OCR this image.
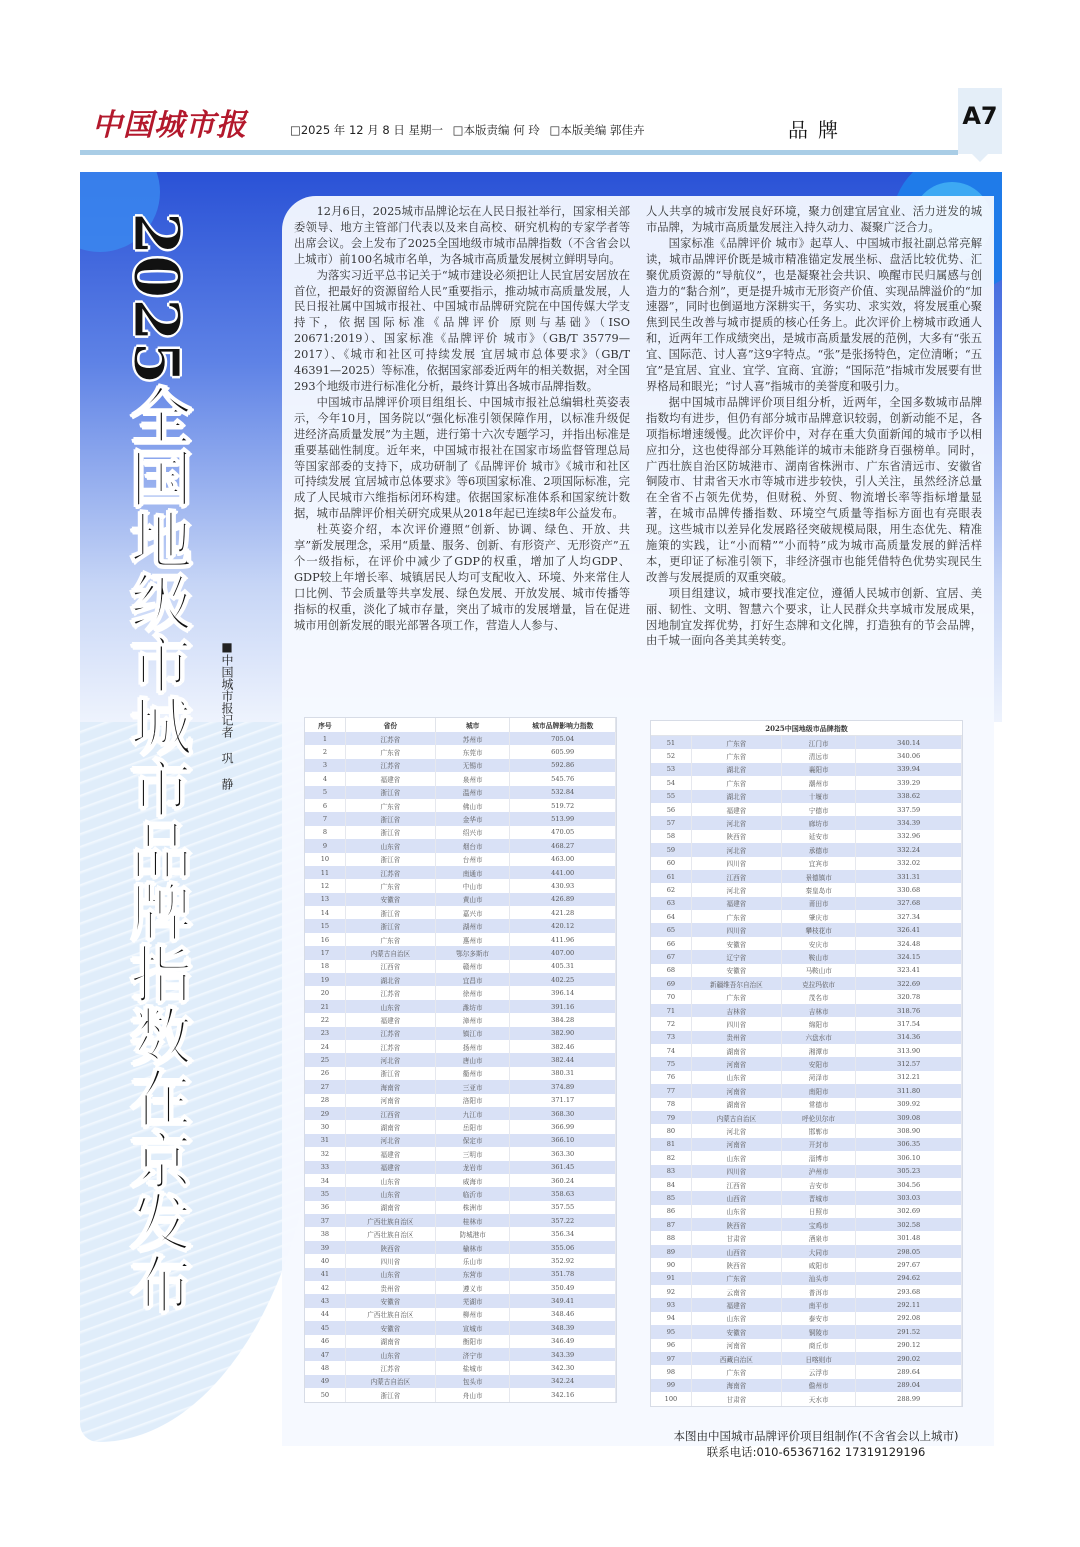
中国城市报	□2025 年 12 月 8 日 星期一 □本版责编 何 玲 □本版美编 郭佳卉	品牌	A7
2025全国地级市城市品牌指数在京发布	■中国城市报记者 巩 静

12月6日，2025城市品牌论坛在人民日报社举行，国家相关部委领导、地方主管部门代表以及来自高校、研究机构的专家学者等出席会议。会上发布了2025全国地级市城市品牌指数（不含省会以上城市）前100名城市名单，为各城市高质量发展树立鲜明导向。

为落实习近平总书记关于“城市建设必须把让人民宜居安居放在首位，把最好的资源留给人民”重要指示，推动城市高质量发展，人民日报社属中国城市报社、中国城市品牌研究院在中国传媒大学支持下，依据国际标准《品牌评价 原则与基础》（ISO 20671:2019）、国家标准《品牌评价 城市》（GB/T 35779—2017）、《城市和社区可持续发展 宜居城市总体要求》（GB/T 46391—2025）等标准，依据国家部委近两年的相关数据，对全国293个地级市进行标准化分析，最终计算出各城市品牌指数。

中国城市品牌评价项目组组长、中国城市报社总编辑杜英姿表示，今年10月，国务院以“强化标准引领保障作用，以标准升级促进经济高质量发展”为主题，进行第十六次专题学习，并指出标准是重要基础性制度。近年来，中国城市报社在国家市场监督管理总局等国家部委的支持下，成功研制了《品牌评价 城市》《城市和社区可持续发展 宜居城市总体要求》等6项国家标准、2项国际标准，完成了人民城市六维指标闭环构建。依据国家标准体系和国家统计数据，城市品牌评价相关研究成果从2018年起已连续8年公益发布。

杜英姿介绍，本次评价遵照“创新、协调、绿色、开放、共享”新发展理念，采用“质量、服务、创新、有形资产、无形资产”五个一级指标，在评价中减少了GDP的权重，增加了人均GDP、GDP较上年增长率、城镇居民人均可支配收入、环境、外来常住人口比例、节会质量等共享发展、绿色发展、开放发展、城市传播等指标的权重，淡化了城市存量，突出了城市的发展增量，旨在促进城市用创新发展的眼光部署各项工作，营造人人参与、

人人共享的城市发展良好环境，聚力创建宜居宜业、活力迸发的城市品牌，为城市高质量发展注入持久动力、凝聚广泛合力。

国家标准《品牌评价 城市》起草人、中国城市报社副总常亮解读，城市品牌评价既是城市精准锚定发展坐标、盘活比较优势、汇聚优质资源的“导航仪”，也是凝聚社会共识、唤醒市民归属感与创造力的“黏合剂”，更是提升城市无形资产价值、实现品牌溢价的“加速器”，同时也倒逼地方深耕实干，务实功、求实效，将发展重心聚焦到民生改善与城市提质的核心任务上。此次评价上榜城市政通人和，近两年工作成绩突出，是城市高质量发展的范例，大多有“张五宜、国际范、讨人喜”这9字特点。“张”是张扬特色，定位清晰；“五宜”是宜居、宜业、宜学、宜商、宜游；“国际范”指城市发展要有世界格局和眼光；“讨人喜”指城市的美誉度和吸引力。

据中国城市品牌评价项目组分析，近两年，全国多数城市品牌指数均有进步，但仍有部分城市品牌意识较弱，创新动能不足，各项指标增速缓慢。此次评价中，对存在重大负面新闻的城市予以相应扣分，这也使得部分耳熟能详的城市未能跻身百强榜单。同时，广西壮族自治区防城港市、湖南省株洲市、广东省清远市、安徽省铜陵市、甘肃省天水市等城市进步较快，引人关注，虽然经济总量在全省不占领先优势，但财税、外贸、物流增长率等指标增量显著，在城市品牌传播指数、环境空气质量等指标方面也有亮眼表现。这些城市以差异化发展路径突破规模局限，用生态优先、精准施策的实践，让“小而精”“小而特”成为城市高质量发展的鲜活样本，更印证了标准引领下，非经济强市也能凭借特色优势实现民生改善与发展提质的双重突破。

项目组建议，城市要找准定位，遵循人民城市创新、宜居、美丽、韧性、文明、智慧六个要求，让人民群众共享城市发展成果，因地制宜发挥优势，打好生态牌和文化牌，打造独有的节会品牌，由千城一面向各美其美转变。

序号	省份	城市	城市品牌影响力指数
1	江苏省	苏州市	705.04
2	广东省	东莞市	605.99
3	江苏省	无锡市	592.86
4	福建省	泉州市	545.76
5	浙江省	温州市	532.84
6	广东省	佛山市	519.72
7	浙江省	金华市	513.99
8	浙江省	绍兴市	470.05
9	山东省	烟台市	468.27
10	浙江省	台州市	463.00
11	江苏省	南通市	441.00
12	广东省	中山市	430.93
13	安徽省	黄山市	426.89
14	浙江省	嘉兴市	421.28
15	浙江省	湖州市	420.12
16	广东省	惠州市	411.96
17	内蒙古自治区	鄂尔多斯市	407.00
18	江西省	赣州市	405.31
19	湖北省	宜昌市	402.25
20	江苏省	徐州市	396.14
21	山东省	潍坊市	391.16
22	福建省	漳州市	384.28
23	江苏省	镇江市	382.90
24	江苏省	扬州市	382.46
25	河北省	唐山市	382.44
26	浙江省	衢州市	380.31
27	海南省	三亚市	374.89
28	河南省	洛阳市	371.17
29	江西省	九江市	368.30
30	湖南省	岳阳市	366.99
31	河北省	保定市	366.10
32	福建省	三明市	363.30
33	福建省	龙岩市	361.45
34	山东省	威海市	360.24
35	山东省	临沂市	358.63
36	湖南省	株洲市	357.55
37	广西壮族自治区	桂林市	357.22
38	广西壮族自治区	防城港市	356.34
39	陕西省	榆林市	355.06
40	四川省	乐山市	352.92
41	山东省	东营市	351.78
42	贵州省	遵义市	350.49
43	安徽省	芜湖市	349.41
44	广西壮族自治区	柳州市	348.46
45	安徽省	宣城市	348.39
46	湖南省	衡阳市	346.49
47	山东省	济宁市	343.39
48	江苏省	盐城市	342.30
49	内蒙古自治区	包头市	342.24
50	浙江省	舟山市	342.16
2025中国地级市品牌指数
51	广东省	江门市	340.14
52	广东省	清远市	340.06
53	湖北省	襄阳市	339.94
54	广东省	潮州市	339.29
55	湖北省	十堰市	338.62
56	福建省	宁德市	337.59
57	河北省	廊坊市	334.39
58	陕西省	延安市	332.96
59	河北省	承德市	332.24
60	四川省	宜宾市	332.02
61	江西省	景德镇市	331.31
62	河北省	秦皇岛市	330.68
63	福建省	莆田市	327.68
64	广东省	肇庆市	327.34
65	四川省	攀枝花市	326.41
66	安徽省	安庆市	324.48
67	辽宁省	鞍山市	324.15
68	安徽省	马鞍山市	323.41
69	新疆维吾尔自治区	克拉玛依市	322.69
70	广东省	茂名市	320.78
71	吉林省	吉林市	318.76
72	四川省	绵阳市	317.54
73	贵州省	六盘水市	314.36
74	湖南省	湘潭市	313.90
75	河南省	安阳市	312.57
76	山东省	菏泽市	312.21
77	河南省	南阳市	311.80
78	湖南省	常德市	309.92
79	内蒙古自治区	呼伦贝尔市	309.08
80	河北省	邯郸市	308.90
81	河南省	开封市	306.35
82	山东省	淄博市	306.10
83	四川省	泸州市	305.23
84	江西省	吉安市	304.56
85	山西省	晋城市	303.03
86	山东省	日照市	302.69
87	陕西省	宝鸡市	302.58
88	甘肃省	酒泉市	301.48
89	山西省	大同市	298.05
90	陕西省	咸阳市	297.67
91	广东省	汕头市	294.62
92	云南省	普洱市	293.68
93	福建省	南平市	292.11
94	山东省	泰安市	292.08
95	安徽省	铜陵市	291.52
96	河南省	商丘市	290.12
97	西藏自治区	日喀则市	290.02
98	广东省	云浮市	289.64
99	海南省	儋州市	289.04
100	甘肃省	天水市	288.99
本图由中国城市品牌评价项目组制作(不含省会以上城市)
联系电话:010-65367162 17319129196
